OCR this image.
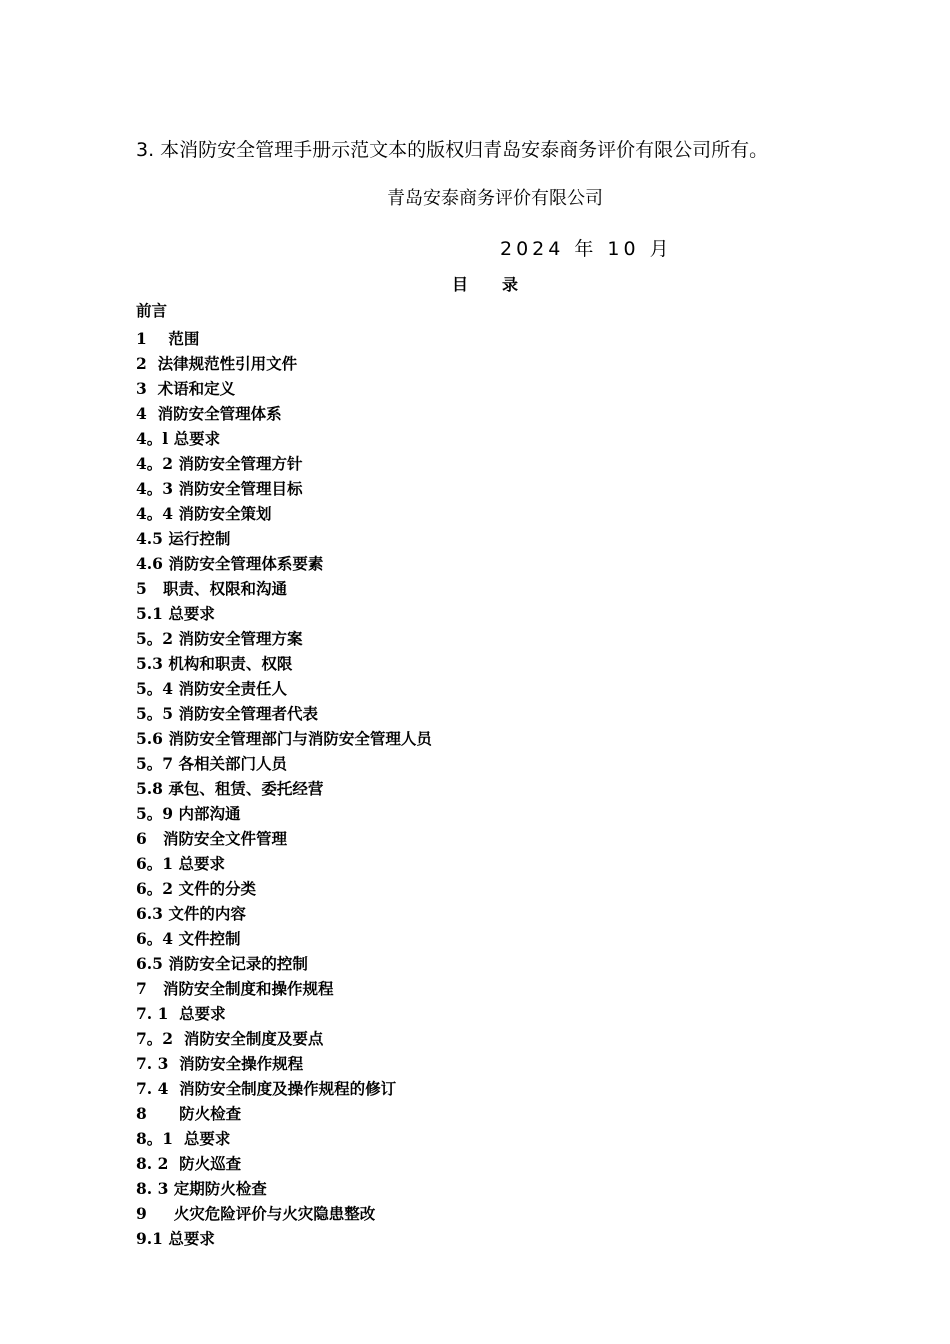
3. 本消防安全管理手册示范文本的版权归青岛安泰商务评价有限公司所有。
青岛安泰商务评价有限公司
2024 年 10 月
目 录
前言
1    范围
2  法律规范性引用文件
3  术语和定义
4  消防安全管理体系
4。l 总要求
4。2 消防安全管理方针
4。3 消防安全管理目标
4。4 消防安全策划
4.5 运行控制
4.6 消防安全管理体系要素
5   职责、权限和沟通
5.1 总要求
5。2 消防安全管理方案
5.3 机构和职责、权限
5。4 消防安全责任人
5。5 消防安全管理者代表
5.6 消防安全管理部门与消防安全管理人员
5。7 各相关部门人员
5.8 承包、租赁、委托经营
5。9 内部沟通
6   消防安全文件管理
6。1 总要求
6。2 文件的分类
6.3 文件的内容
6。4 文件控制
6.5 消防安全记录的控制
7   消防安全制度和操作规程
7. 1  总要求
7。2  消防安全制度及要点
7. 3  消防安全操作规程
7. 4  消防安全制度及操作规程的修订
8      防火检查
8。1  总要求
8. 2  防火巡查
8. 3 定期防火检查
9     火灾危险评价与火灾隐患整改
9.1 总要求
